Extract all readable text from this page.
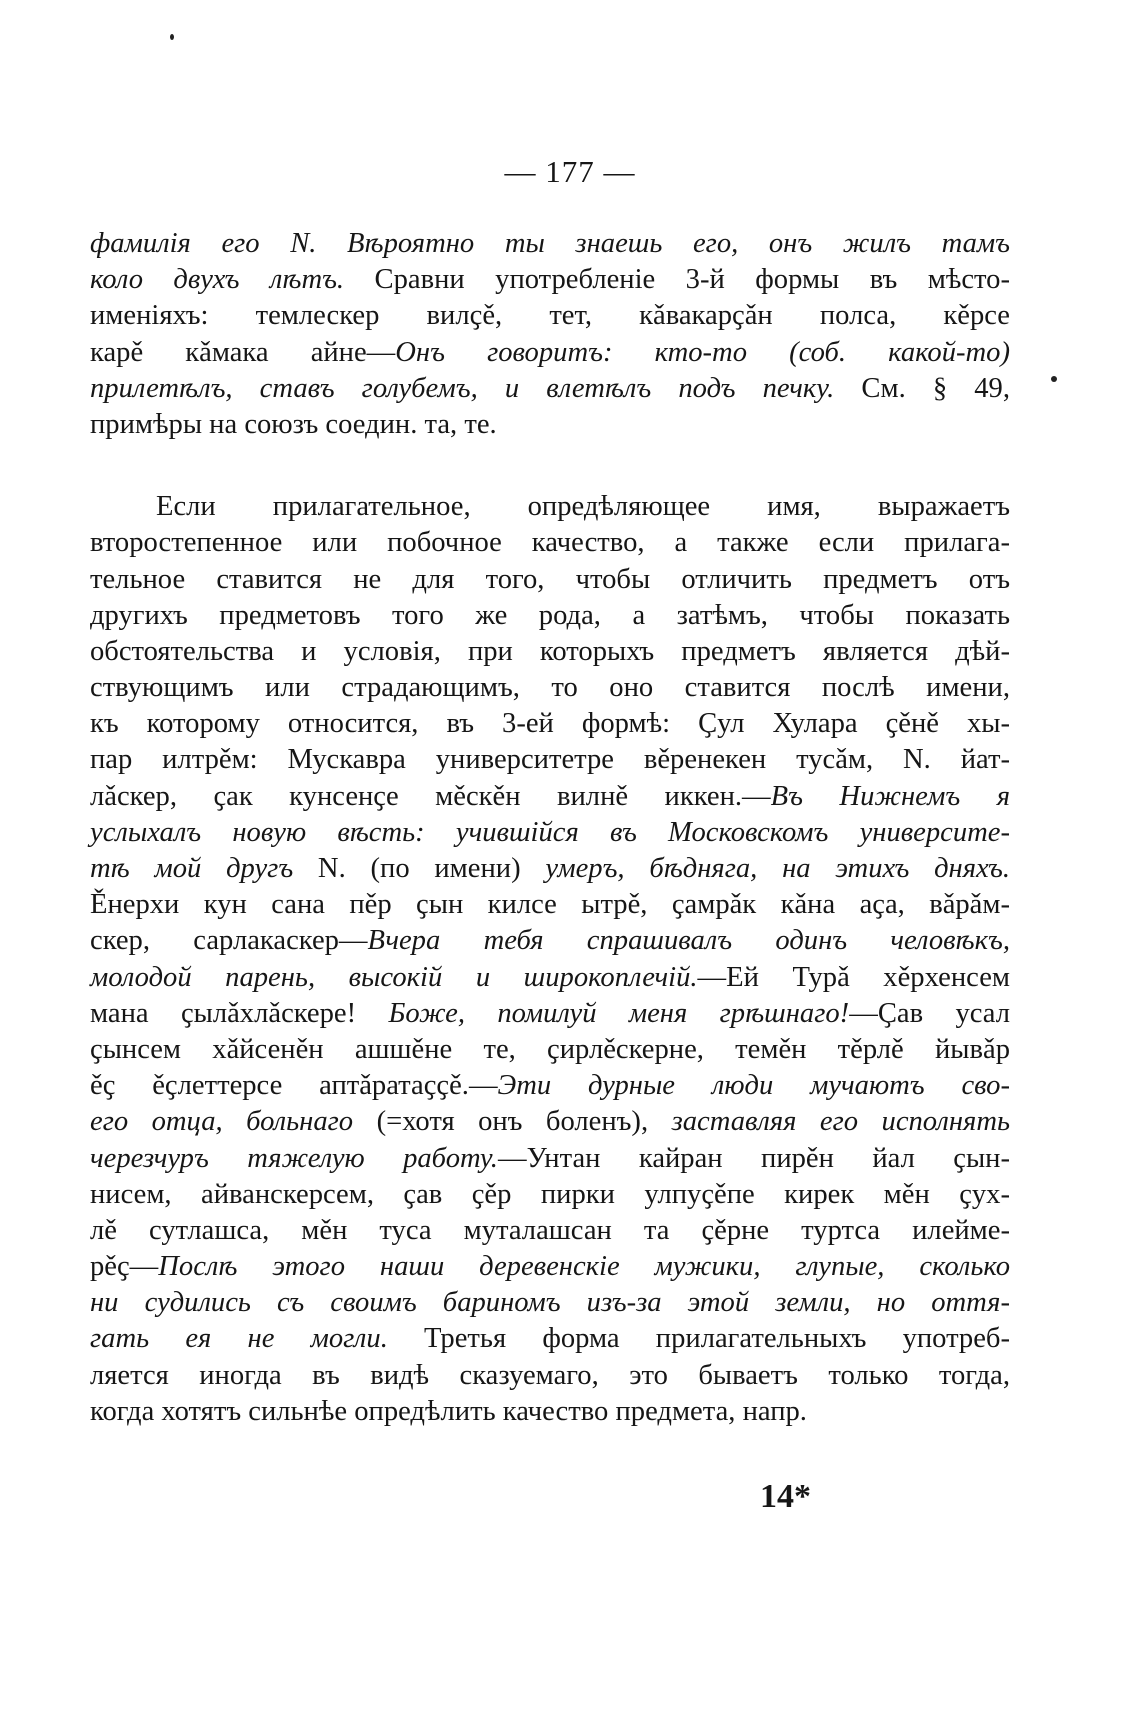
— 177 —
фамилія его N. Вѣроятно ты знаешь его, онъ жилъ тамъ
коло двухъ лѣтъ. Сравни употребленіе 3-й формы въ мѣсто-
именіяхъ: темлескер вилҫě, тет, кǎвакарҫǎн полса, кěрсе
карě кǎмака айне—Онъ говоритъ: кто-то (соб. какой-то)
прилетѣлъ, ставъ голубемъ, и влетѣлъ подъ печку. См. § 49,
примѣры на союзъ соедин. та, те.
Если прилагательное, опредѣляющее имя, выражаетъ
второстепенное или побочное качество, а также если прилага-
тельное ставится не для того, чтобы отличить предметъ отъ
другихъ предметовъ того же рода, а затѣмъ, чтобы показать
обстоятельства и условія, при которыхъ предметъ является дѣй-
ствующимъ или страдающимъ, то оно ставится послѣ имени,
къ которому относится, въ 3-ей формѣ: Ҫул Хулара ҫěнě хы-
пар илтрěм: Мускавра университетре вěренекен тусǎм, N. йат-
лǎскер, ҫак кунсенҫе мěскěн вилнě иккен.—Въ Нижнемъ я
услыхалъ новую вѣсть: учившійся въ Московскомъ университе-
тѣ мой другъ N. (по имени) умеръ, бѣдняга, на этихъ дняхъ.
Ěнерхи кун сана пěр ҫын килсе ытрě, ҫамрǎк кǎна аҫа, вǎрǎм-
скер, сарлакаскер—Вчера тебя спрашивалъ одинъ человѣкъ,
молодой парень, высокій и широкоплечій.—Ей Турǎ хěрхенсем
мана ҫылǎхлǎскере! Боже, помилуй меня грѣшнаго!—Ҫав усал
ҫынсем хǎйсенěн ашшěне те, ҫирлěскерне, темěн тěрлě йывǎр
ěҫ ěҫлеттерсе аптǎратаҫҫě.—Эти дурные люди мучаютъ сво-
его отца, больнаго (=хотя онъ боленъ), заставляя его исполнять
черезчуръ тяжелую работу.—Унтан кайран пирěн йал ҫын-
нисем, айванскерсем, ҫав ҫěр пирки улпуҫěпе кирек мěн ҫух-
лě сутлашса, мěн туса муталашсан та ҫěрне туртса илейме-
рěҫ—Послѣ этого наши деревенскіе мужики, глупые, сколько
ни судились съ своимъ бариномъ изъ-за этой земли, но оття-
гать ея не могли. Третья форма прилагательныхъ употреб-
ляется иногда въ видѣ сказуемаго, это бываетъ только тогда,
когда хотятъ сильнѣе опредѣлить качество предмета, напр.
14*
